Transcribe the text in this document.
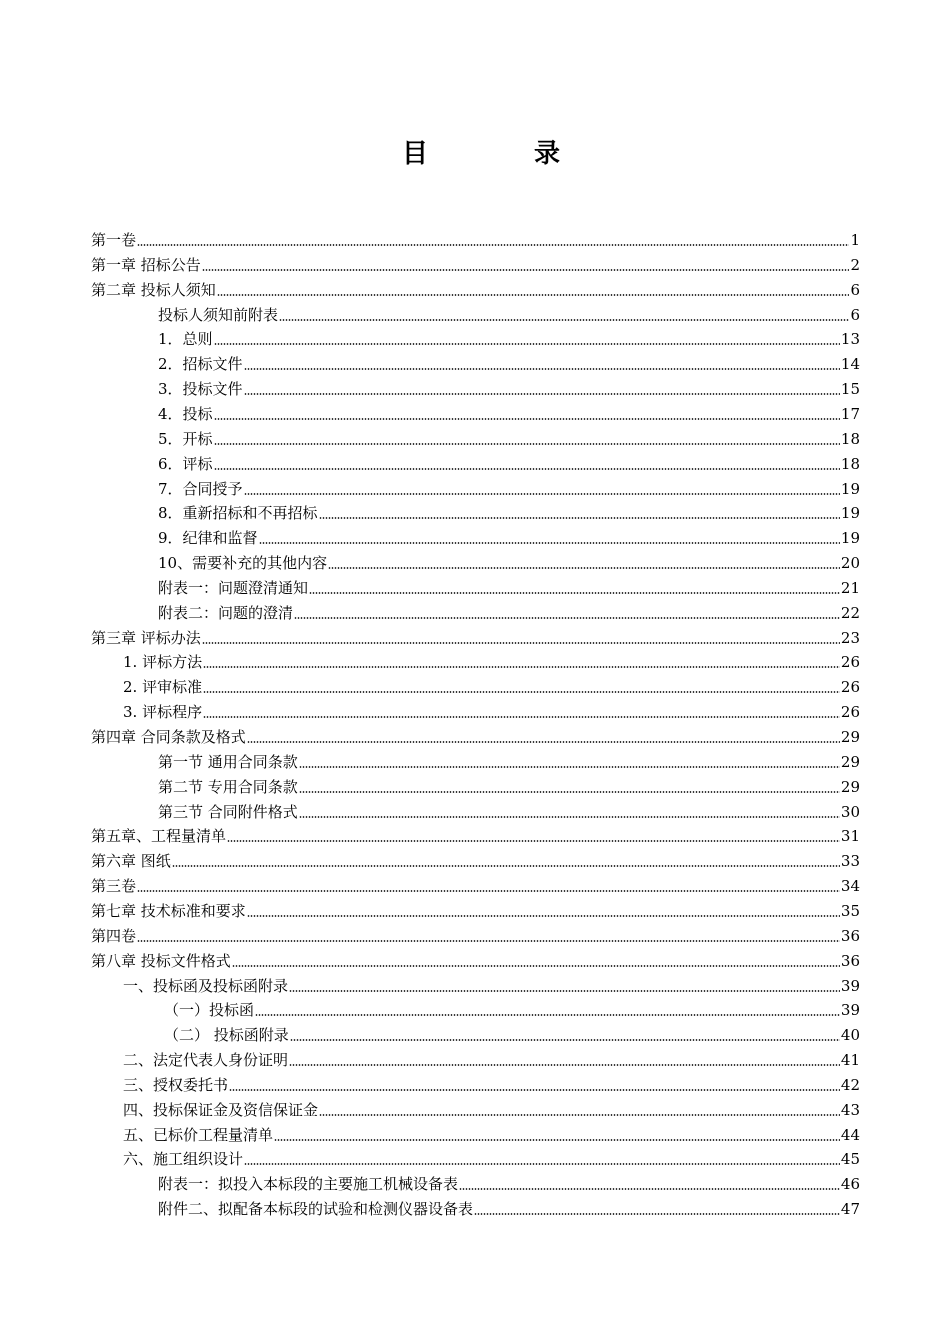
目　录
第一卷	1
第一章 招标公告	2
第二章 投标人须知	6
投标人须知前附表	6
1．总则	13
2．招标文件	14
3．投标文件	15
4．投标	17
5．开标	18
6．评标	18
7．合同授予	19
8．重新招标和不再招标	19
9．纪律和监督	19
10、需要补充的其他内容	20
附表一：问题澄清通知	21
附表二：问题的澄清	22
第三章 评标办法	23
1. 评标方法	26
2. 评审标准	26
3. 评标程序	26
第四章 合同条款及格式	29
第一节 通用合同条款	29
第二节 专用合同条款	29
第三节 合同附件格式	30
第五章、工程量清单	31
第六章 图纸	33
第三卷	34
第七章 技术标准和要求	35
第四卷	36
第八章 投标文件格式	36
一、投标函及投标函附录	39
（一）投标函	39
（二） 投标函附录	40
二、法定代表人身份证明	41
三、授权委托书	42
四、投标保证金及资信保证金	43
五、已标价工程量清单	44
六、施工组织设计	45
附表一：拟投入本标段的主要施工机械设备表	46
附件二、拟配备本标段的试验和检测仪器设备表	47
